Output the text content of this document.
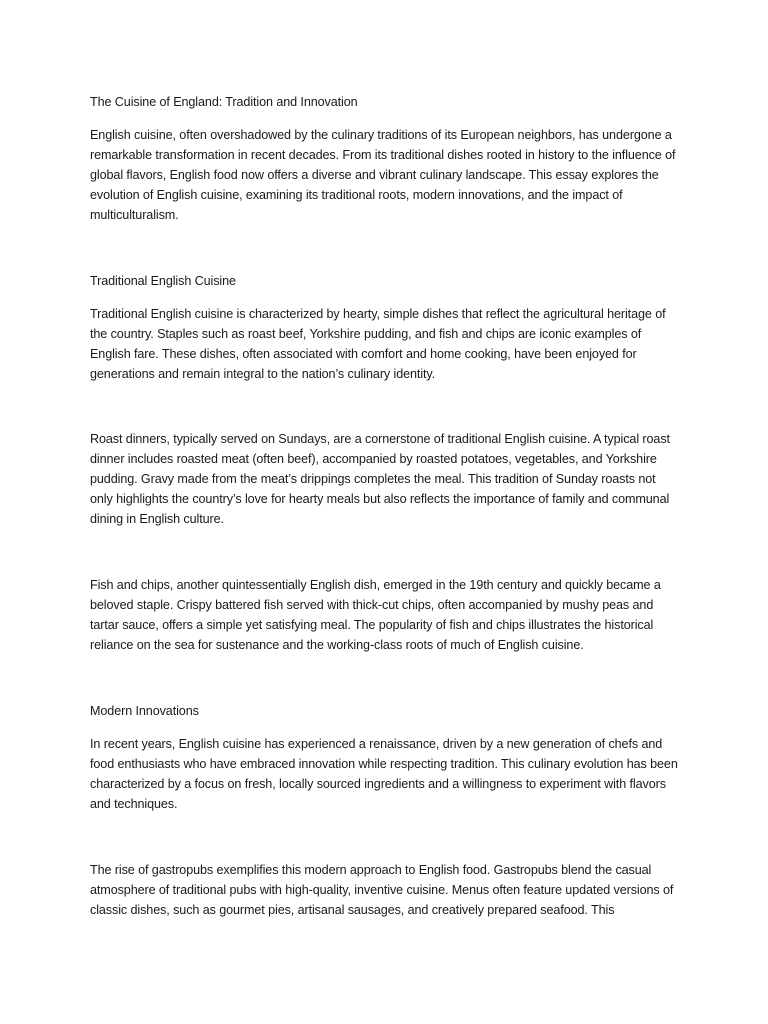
The Cuisine of England: Tradition and Innovation

English cuisine, often overshadowed by the culinary traditions of its European neighbors, has undergone a remarkable transformation in recent decades. From its traditional dishes rooted in history to the influence of global flavors, English food now offers a diverse and vibrant culinary landscape. This essay explores the evolution of English cuisine, examining its traditional roots, modern innovations, and the impact of multiculturalism.

Traditional English Cuisine

Traditional English cuisine is characterized by hearty, simple dishes that reflect the agricultural heritage of the country. Staples such as roast beef, Yorkshire pudding, and fish and chips are iconic examples of English fare. These dishes, often associated with comfort and home cooking, have been enjoyed for generations and remain integral to the nation’s culinary identity.

Roast dinners, typically served on Sundays, are a cornerstone of traditional English cuisine. A typical roast dinner includes roasted meat (often beef), accompanied by roasted potatoes, vegetables, and Yorkshire pudding. Gravy made from the meat’s drippings completes the meal. This tradition of Sunday roasts not only highlights the country’s love for hearty meals but also reflects the importance of family and communal dining in English culture.

Fish and chips, another quintessentially English dish, emerged in the 19th century and quickly became a beloved staple. Crispy battered fish served with thick-cut chips, often accompanied by mushy peas and tartar sauce, offers a simple yet satisfying meal. The popularity of fish and chips illustrates the historical reliance on the sea for sustenance and the working-class roots of much of English cuisine.

Modern Innovations

In recent years, English cuisine has experienced a renaissance, driven by a new generation of chefs and food enthusiasts who have embraced innovation while respecting tradition. This culinary evolution has been characterized by a focus on fresh, locally sourced ingredients and a willingness to experiment with flavors and techniques.

The rise of gastropubs exemplifies this modern approach to English food. Gastropubs blend the casual atmosphere of traditional pubs with high-quality, inventive cuisine. Menus often feature updated versions of classic dishes, such as gourmet pies, artisanal sausages, and creatively prepared seafood. This
